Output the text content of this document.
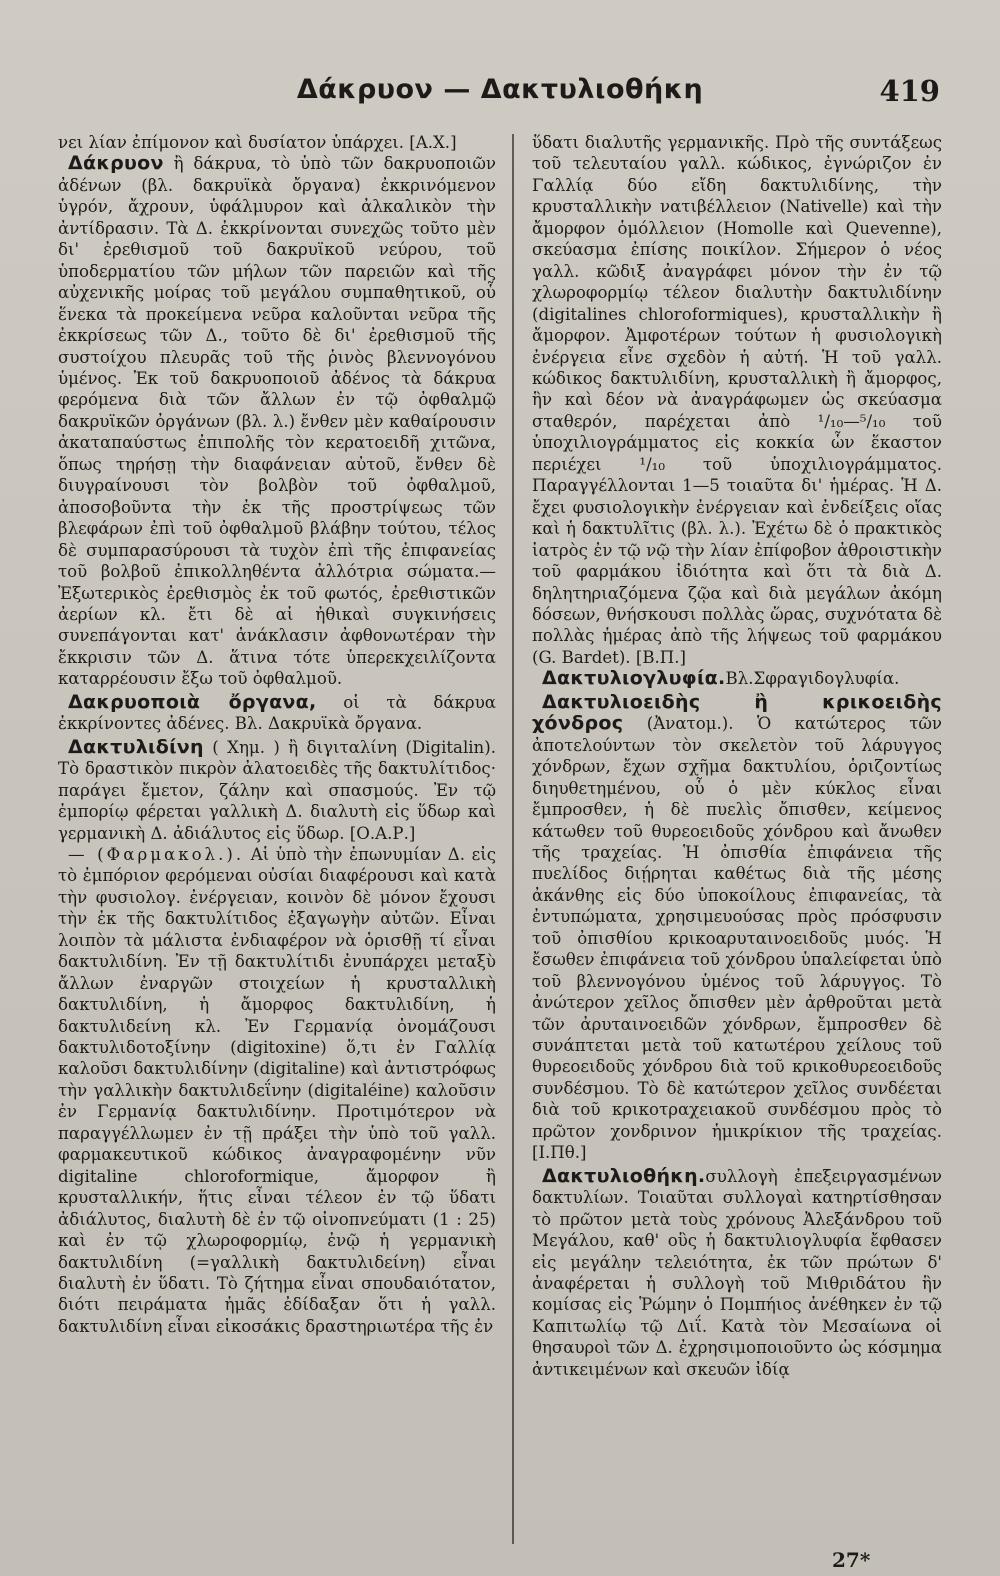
Δάκρυον — Δακτυλιοθήκη	419

νει λίαν ἐπίμονον καὶ δυσίατον ὑπάρχει. [Α.Χ.]

Δάκρυον ἢ δάκρυα, τὸ ὑπὸ τῶν δακρυοποιῶν ἀδένων (βλ. δακρυϊκὰ ὄργανα) ἐκκρινόμενον ὑγρόν, ἄχρουν, ὑφάλμυρον καὶ ἀλκαλικὸν τὴν ἀντίδρασιν. Τὰ Δ. ἐκκρίνονται συνεχῶς τοῦτο μὲν δι' ἐρεθισμοῦ τοῦ δακρυϊκοῦ νεύρου, τοῦ ὑποδερματίου τῶν μήλων τῶν παρειῶν καὶ τῆς αὐχενικῆς μοίρας τοῦ μεγάλου συμπαθητικοῦ, οὗ ἕνεκα τὰ προκείμενα νεῦρα καλοῦνται νεῦρα τῆς ἐκκρίσεως τῶν Δ., τοῦτο δὲ δι' ἐρεθισμοῦ τῆς συστοίχου πλευρᾶς τοῦ τῆς ῥινὸς βλεννογόνου ὑμένος. Ἐκ τοῦ δακρυοποιοῦ ἀδένος τὰ δάκρυα φερόμενα διὰ τῶν ἄλλων ἐν τῷ ὀφθαλμῷ δακρυϊκῶν ὀργάνων (βλ. λ.) ἔνθεν μὲν καθαίρουσιν ἀκαταπαύστως ἐπιπολῆς τὸν κερατοειδῆ χιτῶνα, ὅπως τηρήσῃ τὴν διαφάνειαν αὐτοῦ, ἔνθεν δὲ διυγραίνουσι τὸν βολβὸν τοῦ ὀφθαλμοῦ, ἀποσοβοῦντα τὴν ἐκ τῆς προστρίψεως τῶν βλεφάρων ἐπὶ τοῦ ὀφθαλμοῦ βλάβην τούτου, τέλος δὲ συμπαρασύρουσι τὰ τυχὸν ἐπὶ τῆς ἐπιφανείας τοῦ βολβοῦ ἐπικολληθέντα ἀλλότρια σώματα.— Ἐξωτερικὸς ἐρεθισμὸς ἐκ τοῦ φωτός, ἐρεθιστικῶν ἀερίων κλ. ἔτι δὲ αἱ ἠθικαὶ συγκινήσεις συνεπάγονται κατ' ἀνάκλασιν ἀφθονωτέραν τὴν ἔκκρισιν τῶν Δ. ἅτινα τότε ὑπερεκχειλίζοντα καταρρέουσιν ἔξω τοῦ ὀφθαλμοῦ.

Δακρυοποιὰ ὄργανα, οἱ τὰ δάκρυα ἐκκρίνοντες ἀδένες. Βλ. Δακρυϊκὰ ὄργανα.

Δακτυλιδίνη ( Χημ. ) ἢ διγιταλίνη (Digitalin). Τὸ δραστικὸν πικρὸν ἀλατοειδὲς τῆς δακτυλίτιδος· παράγει ἔμετον, ζάλην καὶ σπασμούς. Ἐν τῷ ἐμπορίῳ φέρεται γαλλικὴ Δ. διαλυτὴ εἰς ὕδωρ καὶ γερμανικὴ Δ. ἀδιάλυτος εἰς ὕδωρ. [Ο.Α.Ρ.]

— (Φαρμακολ.). Αἱ ὑπὸ τὴν ἐπωνυμίαν Δ. εἰς τὸ ἐμπόριον φερόμεναι οὐσίαι διαφέρουσι καὶ κατὰ τὴν φυσιολογ. ἐνέργειαν, κοινὸν δὲ μόνον ἔχουσι τὴν ἐκ τῆς δακτυλίτιδος ἐξαγωγὴν αὐτῶν. Εἶναι λοιπὸν τὰ μάλιστα ἐνδιαφέρον νὰ ὁρισθῇ τί εἶναι δακτυλιδίνη. Ἐν τῇ δακτυλίτιδι ἐνυπάρχει μεταξὺ ἄλλων ἐναργῶν στοιχείων ἡ κρυσταλλικὴ δακτυλιδίνη, ἡ ἄμορφος δακτυλιδίνη, ἡ δακτυλιδείνη κλ. Ἐν Γερμανίᾳ ὀνομάζουσι δακτυλιδοτοξίνην (digitoxine) ὅ,τι ἐν Γαλλίᾳ καλοῦσι δακτυλιδίνην (digitaline) καὶ ἀντιστρόφως τὴν γαλλικὴν δακτυλιδεΐνην (digitaléine) καλοῦσιν ἐν Γερμανίᾳ δακτυλιδίνην. Προτιμότερον νὰ παραγγέλλωμεν ἐν τῇ πράξει τὴν ὑπὸ τοῦ γαλλ. φαρμακευτικοῦ κώδικος ἀναγραφομένην νῦν digitaline chloroformique, ἄμορφον ἢ κρυσταλλικήν, ἥτις εἶναι τέλεον ἐν τῷ ὕδατι ἀδιάλυτος, διαλυτὴ δὲ ἐν τῷ οἰνοπνεύματι (1 : 25) καὶ ἐν τῷ χλωροφορμίῳ, ἐνῷ ἡ γερμανικὴ δακτυλιδίνη (=γαλλικὴ δακτυλιδείνη) εἶναι διαλυτὴ ἐν ὕδατι. Τὸ ζήτημα εἶναι σπουδαιότατον, διότι πειράματα ἡμᾶς ἐδίδαξαν ὅτι ἡ γαλλ. δακτυλιδίνη εἶναι εἰκοσάκις δραστηριωτέρα τῆς ἐν

ὕδατι διαλυτῆς γερμανικῆς. Πρὸ τῆς συντάξεως τοῦ τελευταίου γαλλ. κώδικος, ἐγνώριζον ἐν Γαλλίᾳ δύο εἴδη δακτυλιδίνης, τὴν κρυσταλλικὴν νατιβέλλειον (Nativelle) καὶ τὴν ἄμορφον ὁμόλλειον (Homolle καὶ Quevenne), σκεύασμα ἐπίσης ποικίλον. Σήμερον ὁ νέος γαλλ. κῶδιξ ἀναγράφει μόνον τὴν ἐν τῷ χλωροφορμίῳ τέλεον διαλυτὴν δακτυλιδίνην (digitalines chloroformiques), κρυσταλλικὴν ἢ ἄμορφον. Ἀμφοτέρων τούτων ἡ φυσιολογικὴ ἐνέργεια εἶνε σχεδὸν ἡ αὐτή. Ἡ τοῦ γαλλ. κώδικος δακτυλιδίνη, κρυσταλλικὴ ἢ ἄμορφος, ἣν καὶ δέον νὰ ἀναγράφωμεν ὡς σκεύασμα σταθερόν, παρέχεται ἀπὸ ¹/₁₀—⁵/₁₀ τοῦ ὑποχιλιογράμματος εἰς κοκκία ὧν ἕκαστον περιέχει ¹/₁₀ τοῦ ὑποχιλιογράμματος. Παραγγέλλονται 1—5 τοιαῦτα δι' ἡμέρας. Ἡ Δ. ἔχει φυσιολογικὴν ἐνέργειαν καὶ ἐνδείξεις οἵας καὶ ἡ δακτυλῖτις (βλ. λ.). Ἐχέτω δὲ ὁ πρακτικὸς ἰατρὸς ἐν τῷ νῷ τὴν λίαν ἐπίφοβον ἀθροιστικὴν τοῦ φαρμάκου ἰδιότητα καὶ ὅτι τὰ διὰ Δ. δηλητηριαζόμενα ζῷα καὶ διὰ μεγάλων ἀκόμη δόσεων, θνήσκουσι πολλὰς ὥρας, συχνότατα δὲ πολλὰς ἡμέρας ἀπὸ τῆς λήψεως τοῦ φαρμάκου (G. Bardet). [Β.Π.]

Δακτυλιογλυφία.Βλ.Σφραγιδογλυφία.

Δακτυλιοειδὴς ἢ κρικοειδὴς χόνδρος (Ἀνατομ.). Ὁ κατώτερος τῶν ἀποτελούντων τὸν σκελετὸν τοῦ λάρυγγος χόνδρων, ἔχων σχῆμα δακτυλίου, ὁριζοντίως διηυθετημένου, οὗ ὁ μὲν κύκλος εἶναι ἔμπροσθεν, ἡ δὲ πυελὶς ὄπισθεν, κείμενος κάτωθεν τοῦ θυρεοειδοῦς χόνδρου καὶ ἄνωθεν τῆς τραχείας. Ἡ ὀπισθία ἐπιφάνεια τῆς πυελίδος διῄρηται καθέτως διὰ τῆς μέσης ἀκάνθης εἰς δύο ὑποκοίλους ἐπιφανείας, τὰ ἐντυπώματα, χρησιμευούσας πρὸς πρόσφυσιν τοῦ ὀπισθίου κρικοαρυταινοειδοῦς μυός. Ἡ ἔσωθεν ἐπιφάνεια τοῦ χόνδρου ὑπαλείφεται ὑπὸ τοῦ βλεννογόνου ὑμένος τοῦ λάρυγγος. Τὸ ἀνώτερον χεῖλος ὄπισθεν μὲν ἀρθροῦται μετὰ τῶν ἀρυταινοειδῶν χόνδρων, ἔμπροσθεν δὲ συνάπτεται μετὰ τοῦ κατωτέρου χείλους τοῦ θυρεοειδοῦς χόνδρου διὰ τοῦ κρικοθυρεοειδοῦς συνδέσμου. Τὸ δὲ κατώτερον χεῖλος συνδέεται διὰ τοῦ κρικοτραχειακοῦ συνδέσμου πρὸς τὸ πρῶτον χονδρινον ἡμικρίκιον τῆς τραχείας. [Ι.Πθ.]

Δακτυλιοθήκη.συλλογὴ ἐπεξειργασμένων δακτυλίων. Τοιαῦται συλλογαὶ κατηρτίσθησαν τὸ πρῶτον μετὰ τοὺς χρόνους Ἀλεξάνδρου τοῦ Μεγάλου, καθ' οὓς ἡ δακτυλιογλυφία ἔφθασεν εἰς μεγάλην τελειότητα, ἐκ τῶν πρώτων δ' ἀναφέρεται ἡ συλλογὴ τοῦ Μιθριδάτου ἣν κομίσας εἰς Ῥώμην ὁ Πομπήιος ἀνέθηκεν ἐν τῷ Καπιτωλίῳ τῷ Διΐ. Κατὰ τὸν Μεσαίωνα οἱ θησαυροὶ τῶν Δ. ἐχρησιμοποιοῦντο ὡς κόσμημα ἀντικειμένων καὶ σκευῶν ἰδίᾳ

27*
